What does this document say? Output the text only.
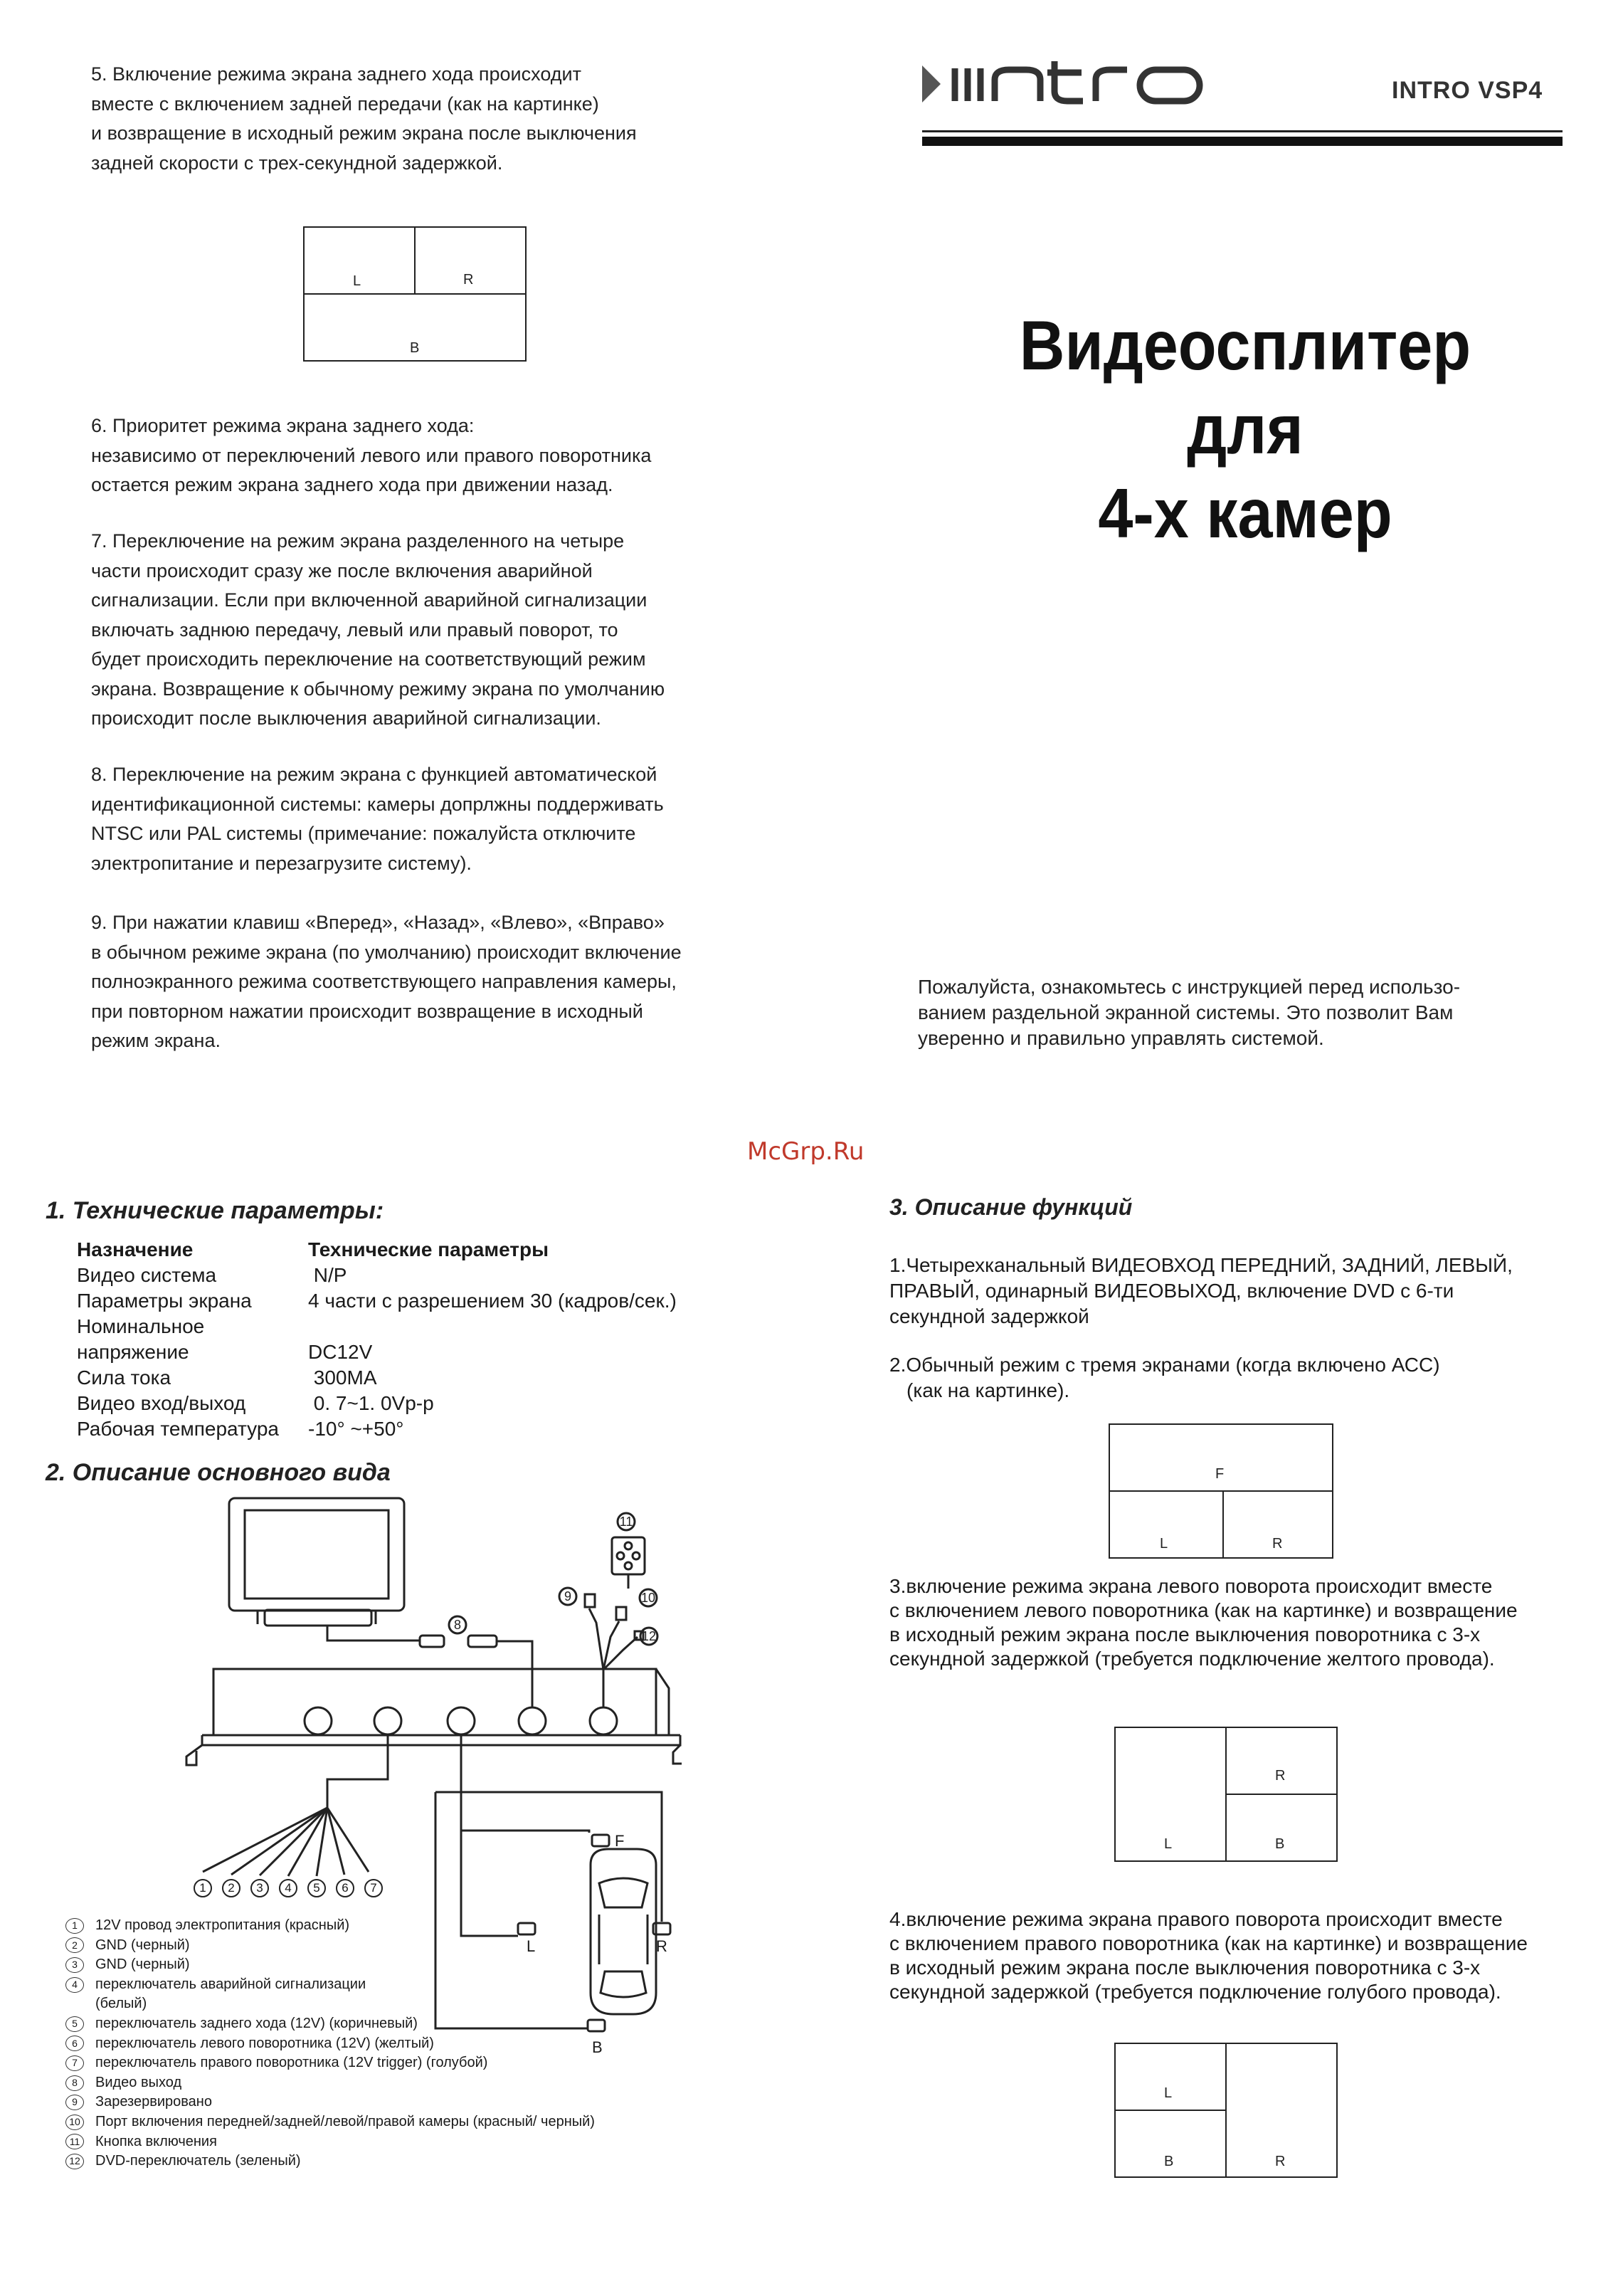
5. Включение режима экрана заднего хода происходит

вместе с включением задней передачи (как на картинке)

и возвращение в исходный режим экрана после выключения

задней скорости с трех-секундной задержкой.

L	R
B

6. Приоритет режима экрана заднего хода:

независимо от переключений левого или правого поворотника

остается режим экрана заднего хода при движении назад.

7. Переключение на режим экрана разделенного на четыре

части происходит сразу же после включения аварийной

сигнализации. Если при включенной аварийной сигнализации

включать заднюю передачу, левый или правый поворот, то

будет происходить переключение на соответствующий режим

экрана. Возвращение к обычному режиму экрана по умолчанию

происходит после выключения аварийной сигнализации.

8. Переключение на режим экрана с функцией автоматической

идентификационной системы: камеры допрлжны поддерживать

NTSC или PAL системы (примечание: пожалуйста отключите

электропитание и перезагрузите систему).

9. При нажатии клавиш «Вперед», «Назад», «Влево», «Вправо»

в обычном режиме экрана (по умолчанию) происходит включение

полноэкранного режима соответствующего направления камеры,

при повторном нажатии происходит возвращение в исходный

режим экрана.

INTRO
INTRO VSP4
Видеосплитер
для
4-х камер
Пожалуйста, ознакомьтесь с инструкцией перед использо-
ванием раздельной экранной системы. Это позволит Вам
уверенно и правильно управлять системой.
McGrp.Ru
1. Технические параметры:
Назначение	Технические параметры
Видео система	N/P
Параметры экрана	4 части с разрешением 30 (кадров/сек.)
Номинальное
напряжение	DC12V
Сила тока	300MA
Видео вход/выход	0. 7~1. 0Vp-p
Рабочая температура	-10° ~+50°
2. Описание основного вида
8
9	10
11
12
F
L	R
B
1	2	3	4	5	6	7
1	12V провод электропитания (красный)
2	GND (черный)
3	GND (черный)
4	переключатель аварийной сигнализации
(белый)
5	переключатель заднего хода (12V) (коричневый)
6	переключатель левого поворотника (12V) (желтый)
7	переключатель правого поворотника (12V trigger) (голубой)
8	Видео выход
9	Зарезервировано
10 Порт включения передней/задней/левой/правой камеры (красный/ черный)
11 Кнопка включения
12 DVD-переключатель (зеленый)
3. Описание функций
1.Четырехканальный ВИДЕОВХОД ПЕРЕДНИЙ, ЗАДНИЙ, ЛЕВЫЙ,
ПРАВЫЙ, одинарный ВИДЕОВЫХОД, включение DVD с 6-ти
секундной задержкой
2.Обычный режим с тремя экранами (когда включено АСС)
(как на картинке).
F
L	R
3.включение режима экрана левого поворота происходит вместе
с включением левого поворотника (как на картинке) и возвращение
в исходный режим экрана после выключения поворотника с 3-х
секундной задержкой (требуется подключение желтого провода).
R
L	B
4.включение режима экрана правого поворота происходит вместе
с включением правого поворотника (как на картинке) и возвращение
в исходный режим экрана после выключения поворотника с 3-х
секундной задержкой (требуется подключение голубого провода).
L
B	R
